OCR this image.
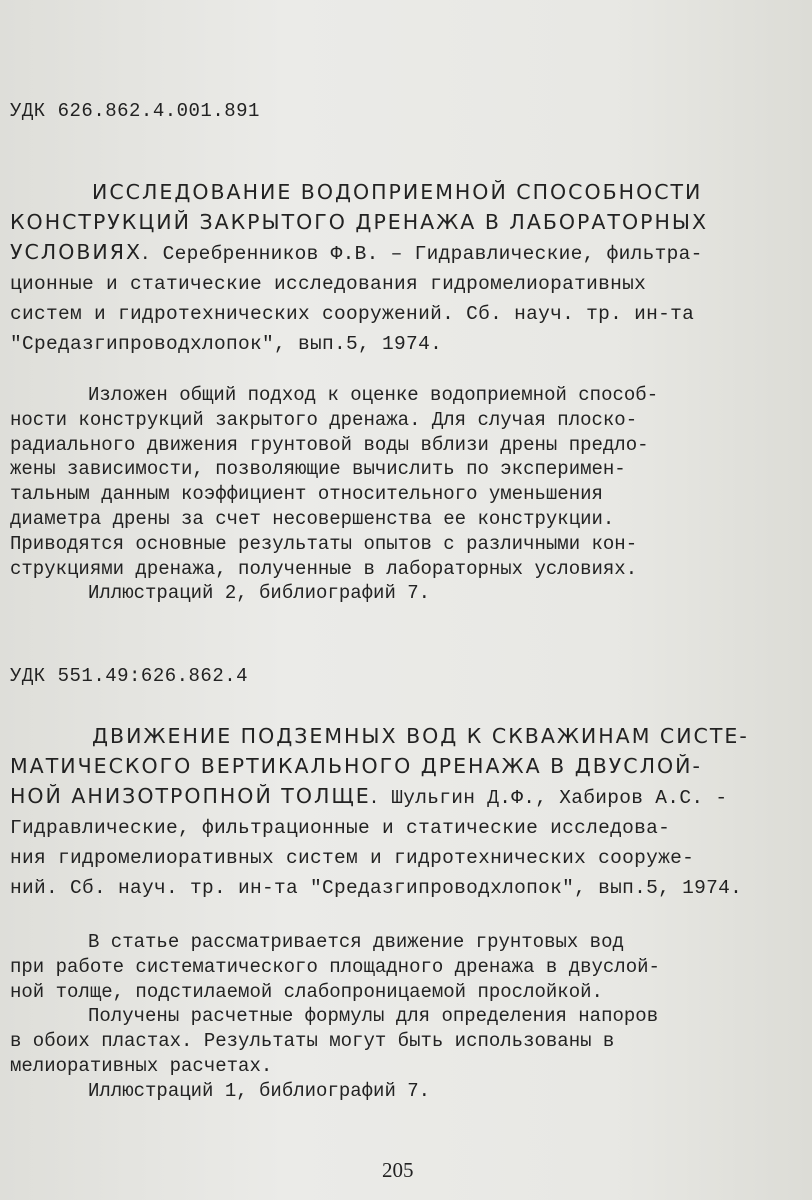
УДК 626.862.4.001.891
ИССЛЕДОВАНИЕ ВОДОПРИЕМНОЙ СПОСОБНОСТИ
КОНСТРУКЦИЙ ЗАКРЫТОГО ДРЕНАЖА В ЛАБОРАТОРНЫХ
УСЛОВИЯХ. Серебренников Ф.В. – Гидравлические, фильтра-
ционные и статические исследования гидромелиоративных
систем и гидротехнических сооружений. Сб. науч. тр. ин-та
"Средазгипроводхлопок", вып.5, 1974.
Изложен общий подход к оценке водоприемной способ-
ности конструкций закрытого дренажа. Для случая плоско-
радиального движения грунтовой воды вблизи дрены предло-
жены зависимости, позволяющие вычислить по эксперимен-
тальным данным коэффициент относительного уменьшения
диаметра дрены за счет несовершенства ее конструкции.
Приводятся основные результаты опытов с различными кон-
струкциями дренажа, полученные в лабораторных условиях.
Иллюстраций 2, библиографий 7.
УДК 551.49:626.862.4
ДВИЖЕНИЕ ПОДЗЕМНЫХ ВОД К СКВАЖИНАМ СИСТЕ-
МАТИЧЕСКОГО ВЕРТИКАЛЬНОГО ДРЕНАЖА В ДВУСЛОЙ-
НОЙ АНИЗОТРОПНОЙ ТОЛЩЕ. Шульгин Д.Ф., Хабиров А.С. -
Гидравлические, фильтрационные и статические исследова-
ния гидромелиоративных систем и гидротехнических сооруже-
ний. Сб. науч. тр. ин-та "Средазгипроводхлопок", вып.5, 1974.
В статье рассматривается движение грунтовых вод
при работе систематического площадного дренажа в двуслой-
ной толще, подстилаемой слабопроницаемой прослойкой.
Получены расчетные формулы для определения напоров
в обоих пластах. Результаты могут быть использованы в
мелиоративных расчетах.
Иллюстраций 1, библиографий 7.
205
